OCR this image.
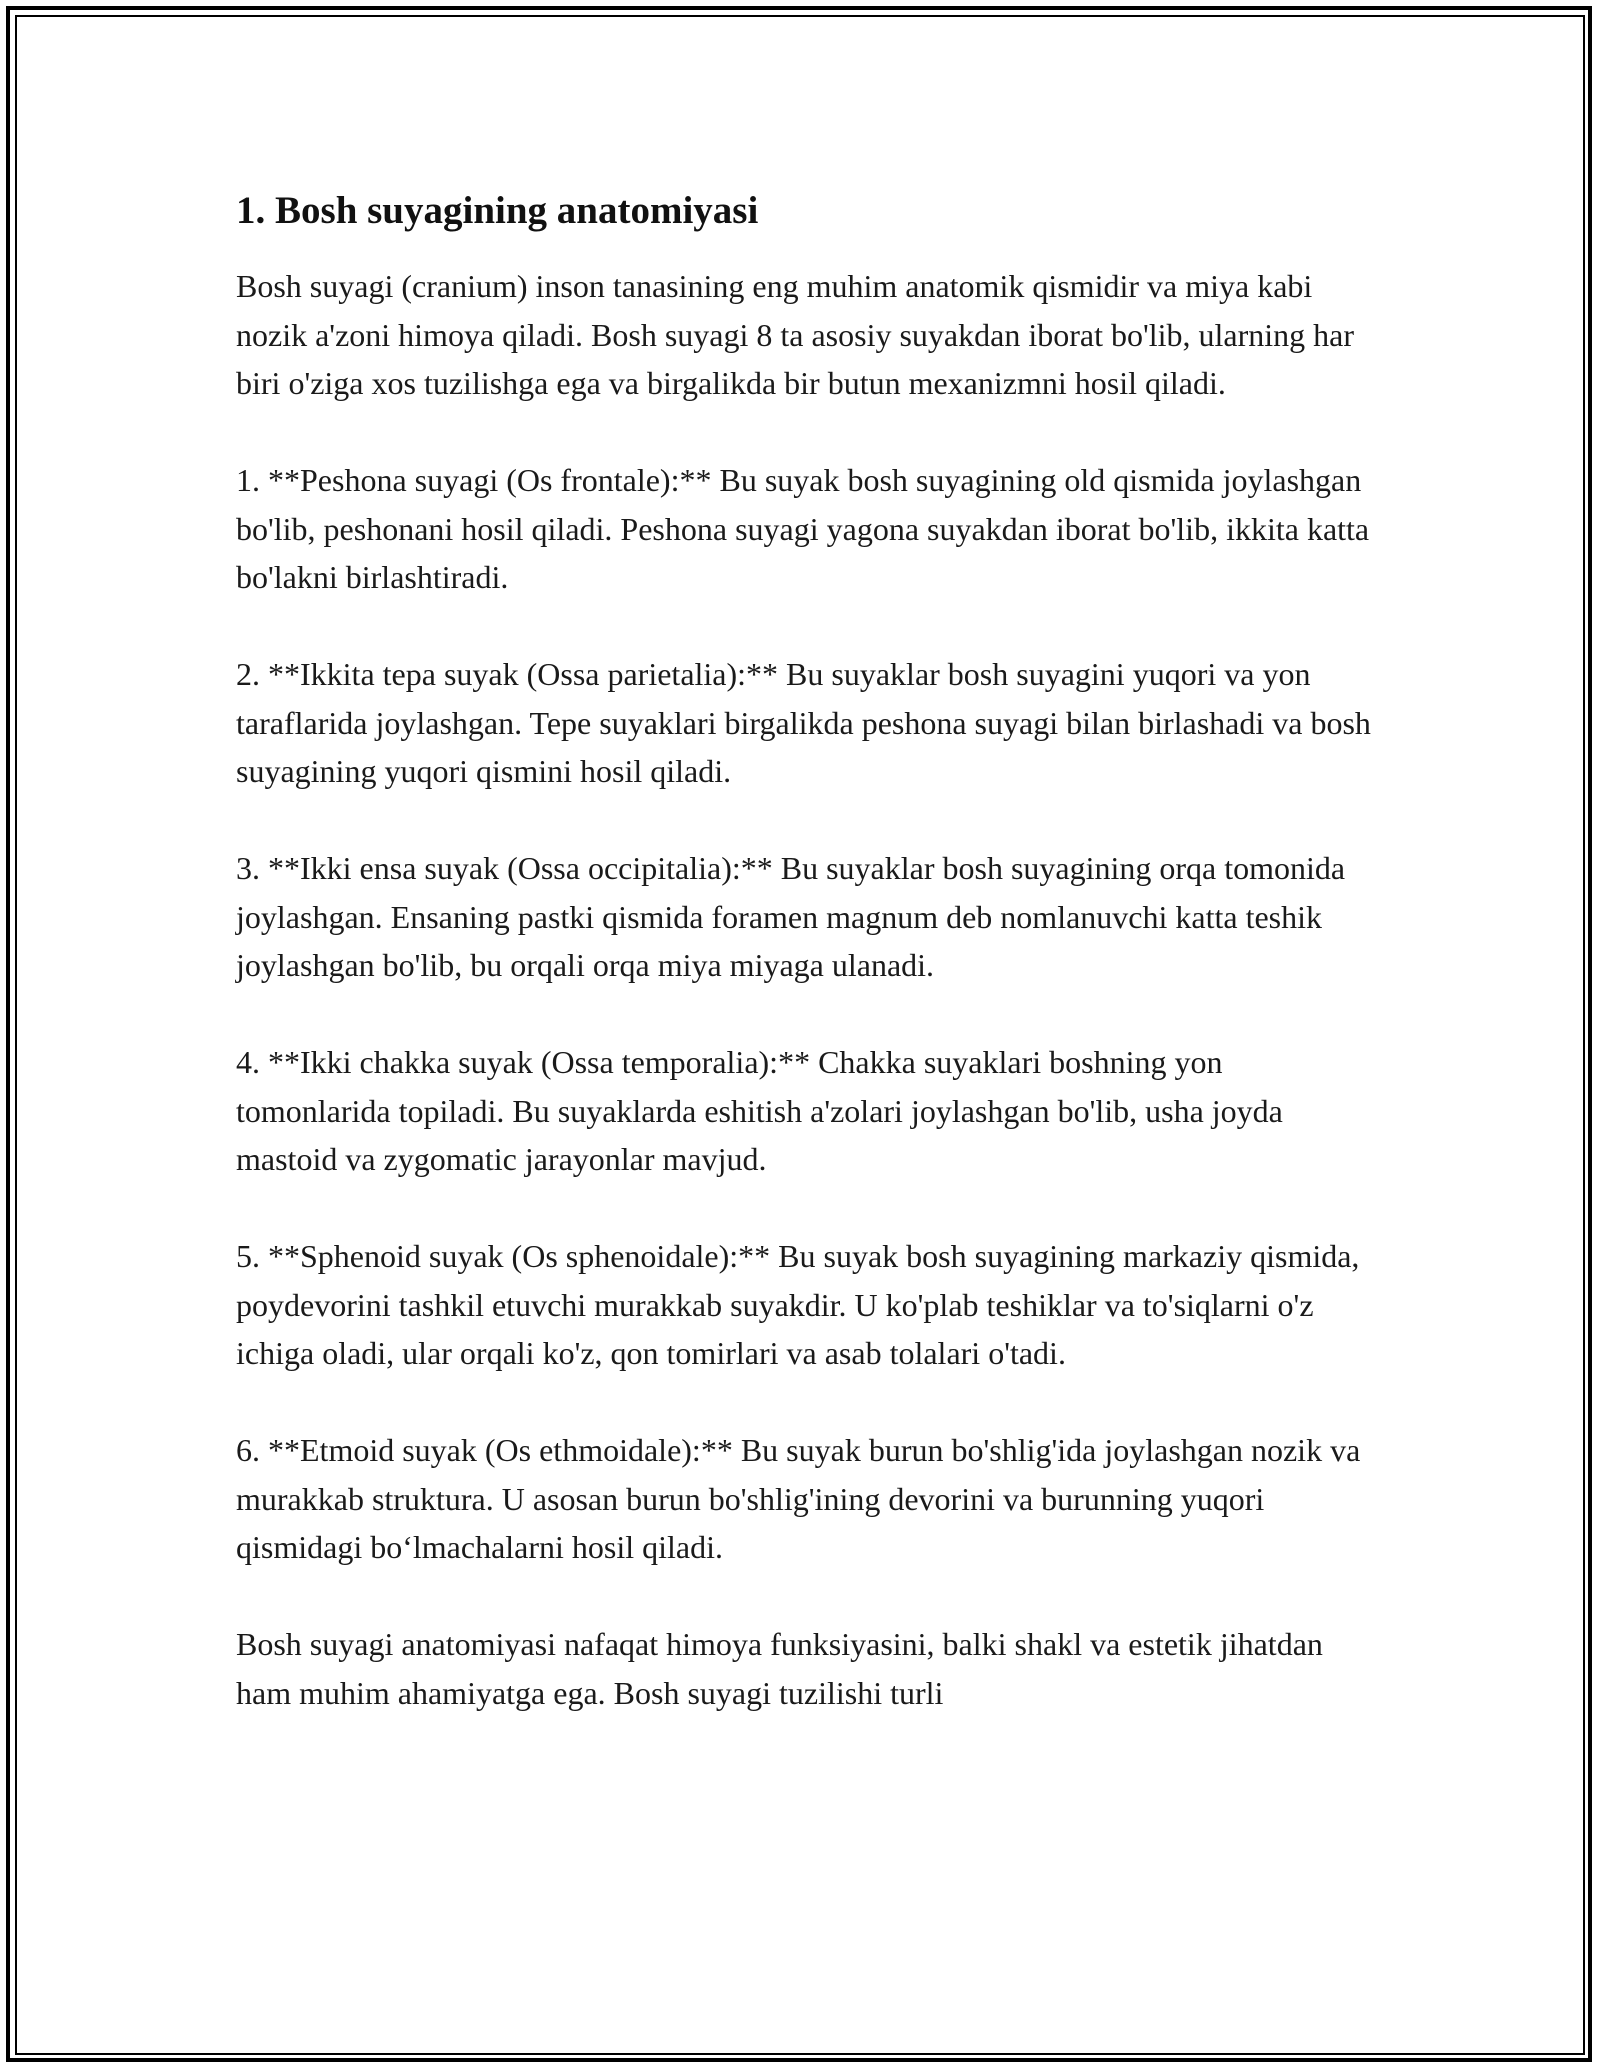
1. Bosh suyagining anatomiyasi

Bosh suyagi (cranium) inson tanasining eng muhim anatomik qismidir va miya kabi nozik a'zoni himoya qiladi. Bosh suyagi 8 ta asosiy suyakdan iborat bo'lib, ularning har biri o'ziga xos tuzilishga ega va birgalikda bir butun mexanizmni hosil qiladi.

1. **Peshona suyagi (Os frontale):** Bu suyak bosh suyagining old qismida joylashgan bo'lib, peshonani hosil qiladi. Peshona suyagi yagona suyakdan iborat bo'lib, ikkita katta bo'lakni birlashtiradi.

2. **Ikkita tepa suyak (Ossa parietalia):** Bu suyaklar bosh suyagini yuqori va yon taraflarida joylashgan. Tepe suyaklari birgalikda peshona suyagi bilan birlashadi va bosh suyagining yuqori qismini hosil qiladi.

3. **Ikki ensa suyak (Ossa occipitalia):** Bu suyaklar bosh suyagining orqa tomonida joylashgan. Ensaning pastki qismida foramen magnum deb nomlanuvchi katta teshik joylashgan bo'lib, bu orqali orqa miya miyaga ulanadi.

4. **Ikki chakka suyak (Ossa temporalia):** Chakka suyaklari boshning yon tomonlarida topiladi. Bu suyaklarda eshitish a'zolari joylashgan bo'lib, usha joyda mastoid va zygomatic jarayonlar mavjud.

5. **Sphenoid suyak (Os sphenoidale):** Bu suyak bosh suyagining markaziy qismida, poydevorini tashkil etuvchi murakkab suyakdir. U ko'plab teshiklar va to'siqlarni o'z ichiga oladi, ular orqali ko'z, qon tomirlari va asab tolalari o'tadi.

6. **Etmoid suyak (Os ethmoidale):** Bu suyak burun bo'shlig'ida joylashgan nozik va murakkab struktura. U asosan burun bo'shlig'ining devorini va burunning yuqori qismidagi bo‘lmachalarni hosil qiladi.

Bosh suyagi anatomiyasi nafaqat himoya funksiyasini, balki shakl va estetik jihatdan ham muhim ahamiyatga ega. Bosh suyagi tuzilishi turli
